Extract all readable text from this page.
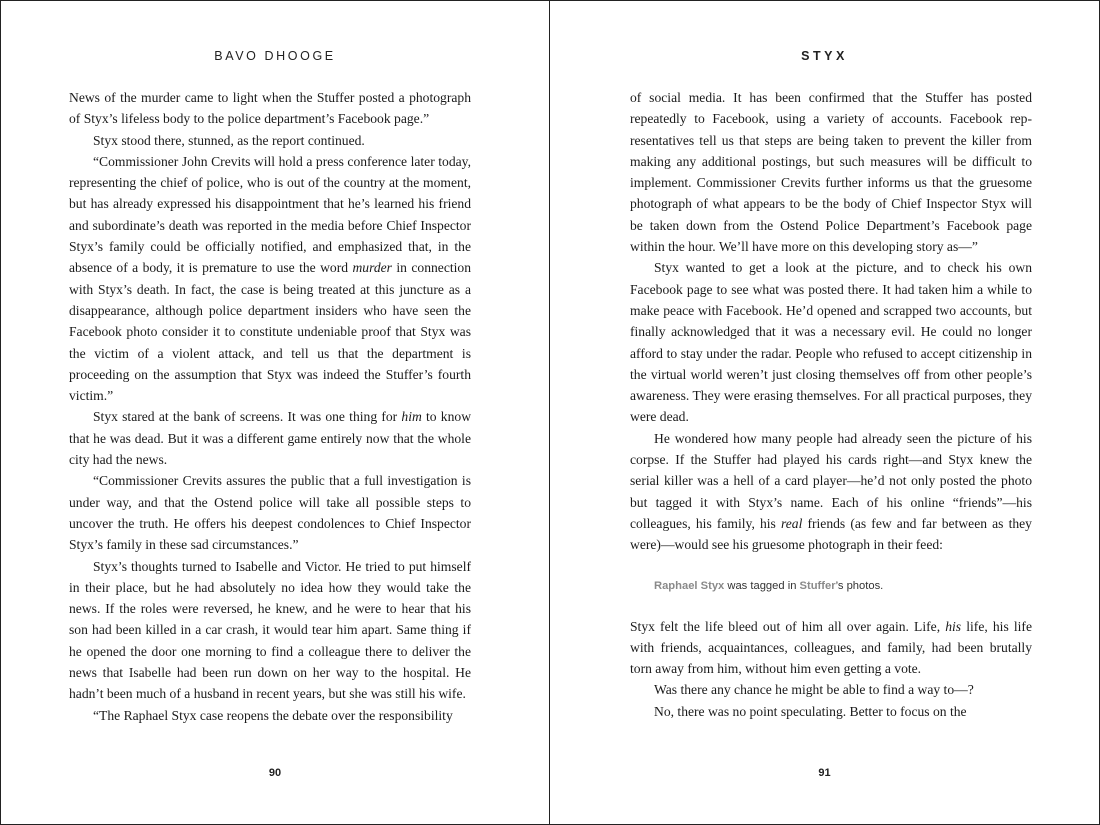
BAVO DHOOGE

News of the murder came to light when the Stuffer posted a photograph of Styx’s lifeless body to the police department’s Facebook page.”

Styx stood there, stunned, as the report continued.

“Commissioner John Crevits will hold a press conference later today, representing the chief of police, who is out of the country at the moment, but has already expressed his disappointment that he’s learned his friend and subordinate’s death was reported in the media before Chief Inspector Styx’s family could be officially notified, and emphasized that, in the absence of a body, it is premature to use the word murder in connection with Styx’s death. In fact, the case is being treated at this juncture as a disappearance, although police department insiders who have seen the Facebook photo consider it to constitute undeniable proof that Styx was the victim of a violent attack, and tell us that the department is proceeding on the assumption that Styx was indeed the Stuffer’s fourth victim.”

Styx stared at the bank of screens. It was one thing for him to know that he was dead. But it was a different game entirely now that the whole city had the news.

“Commissioner Crevits assures the public that a full investigation is under way, and that the Ostend police will take all possible steps to uncover the truth. He offers his deepest condolences to Chief Inspector Styx’s family in these sad circumstances.”

Styx’s thoughts turned to Isabelle and Victor. He tried to put himself in their place, but he had absolutely no idea how they would take the news. If the roles were reversed, he knew, and he were to hear that his son had been killed in a car crash, it would tear him apart. Same thing if he opened the door one morning to find a colleague there to deliver the news that Isabelle had been run down on her way to the hospital. He hadn’t been much of a husband in recent years, but she was still his wife.

“The Raphael Styx case reopens the debate over the responsibility

90
STYX

of social media. It has been confirmed that the Stuffer has posted repeatedly to Facebook, using a variety of accounts. Facebook representatives tell us that steps are being taken to prevent the killer from making any additional postings, but such measures will be difficult to implement. Commissioner Crevits further informs us that the gruesome photograph of what appears to be the body of Chief Inspector Styx will be taken down from the Ostend Police Department’s Facebook page within the hour. We’ll have more on this developing story as—”

Styx wanted to get a look at the picture, and to check his own Facebook page to see what was posted there. It had taken him a while to make peace with Facebook. He’d opened and scrapped two accounts, but finally acknowledged that it was a necessary evil. He could no longer afford to stay under the radar. People who refused to accept citizenship in the virtual world weren’t just closing themselves off from other people’s awareness. They were erasing themselves. For all practical purposes, they were dead.

He wondered how many people had already seen the picture of his corpse. If the Stuffer had played his cards right—and Styx knew the serial killer was a hell of a card player—he’d not only posted the photo but tagged it with Styx’s name. Each of his online “friends”—his colleagues, his family, his real friends (as few and far between as they were)—would see his gruesome photograph in their feed:

Raphael Styx was tagged in Stuffer’s photos.

Styx felt the life bleed out of him all over again. Life, his life, his life with friends, acquaintances, colleagues, and family, had been brutally torn away from him, without him even getting a vote.

Was there any chance he might be able to find a way to—?

No, there was no point speculating. Better to focus on the

91
